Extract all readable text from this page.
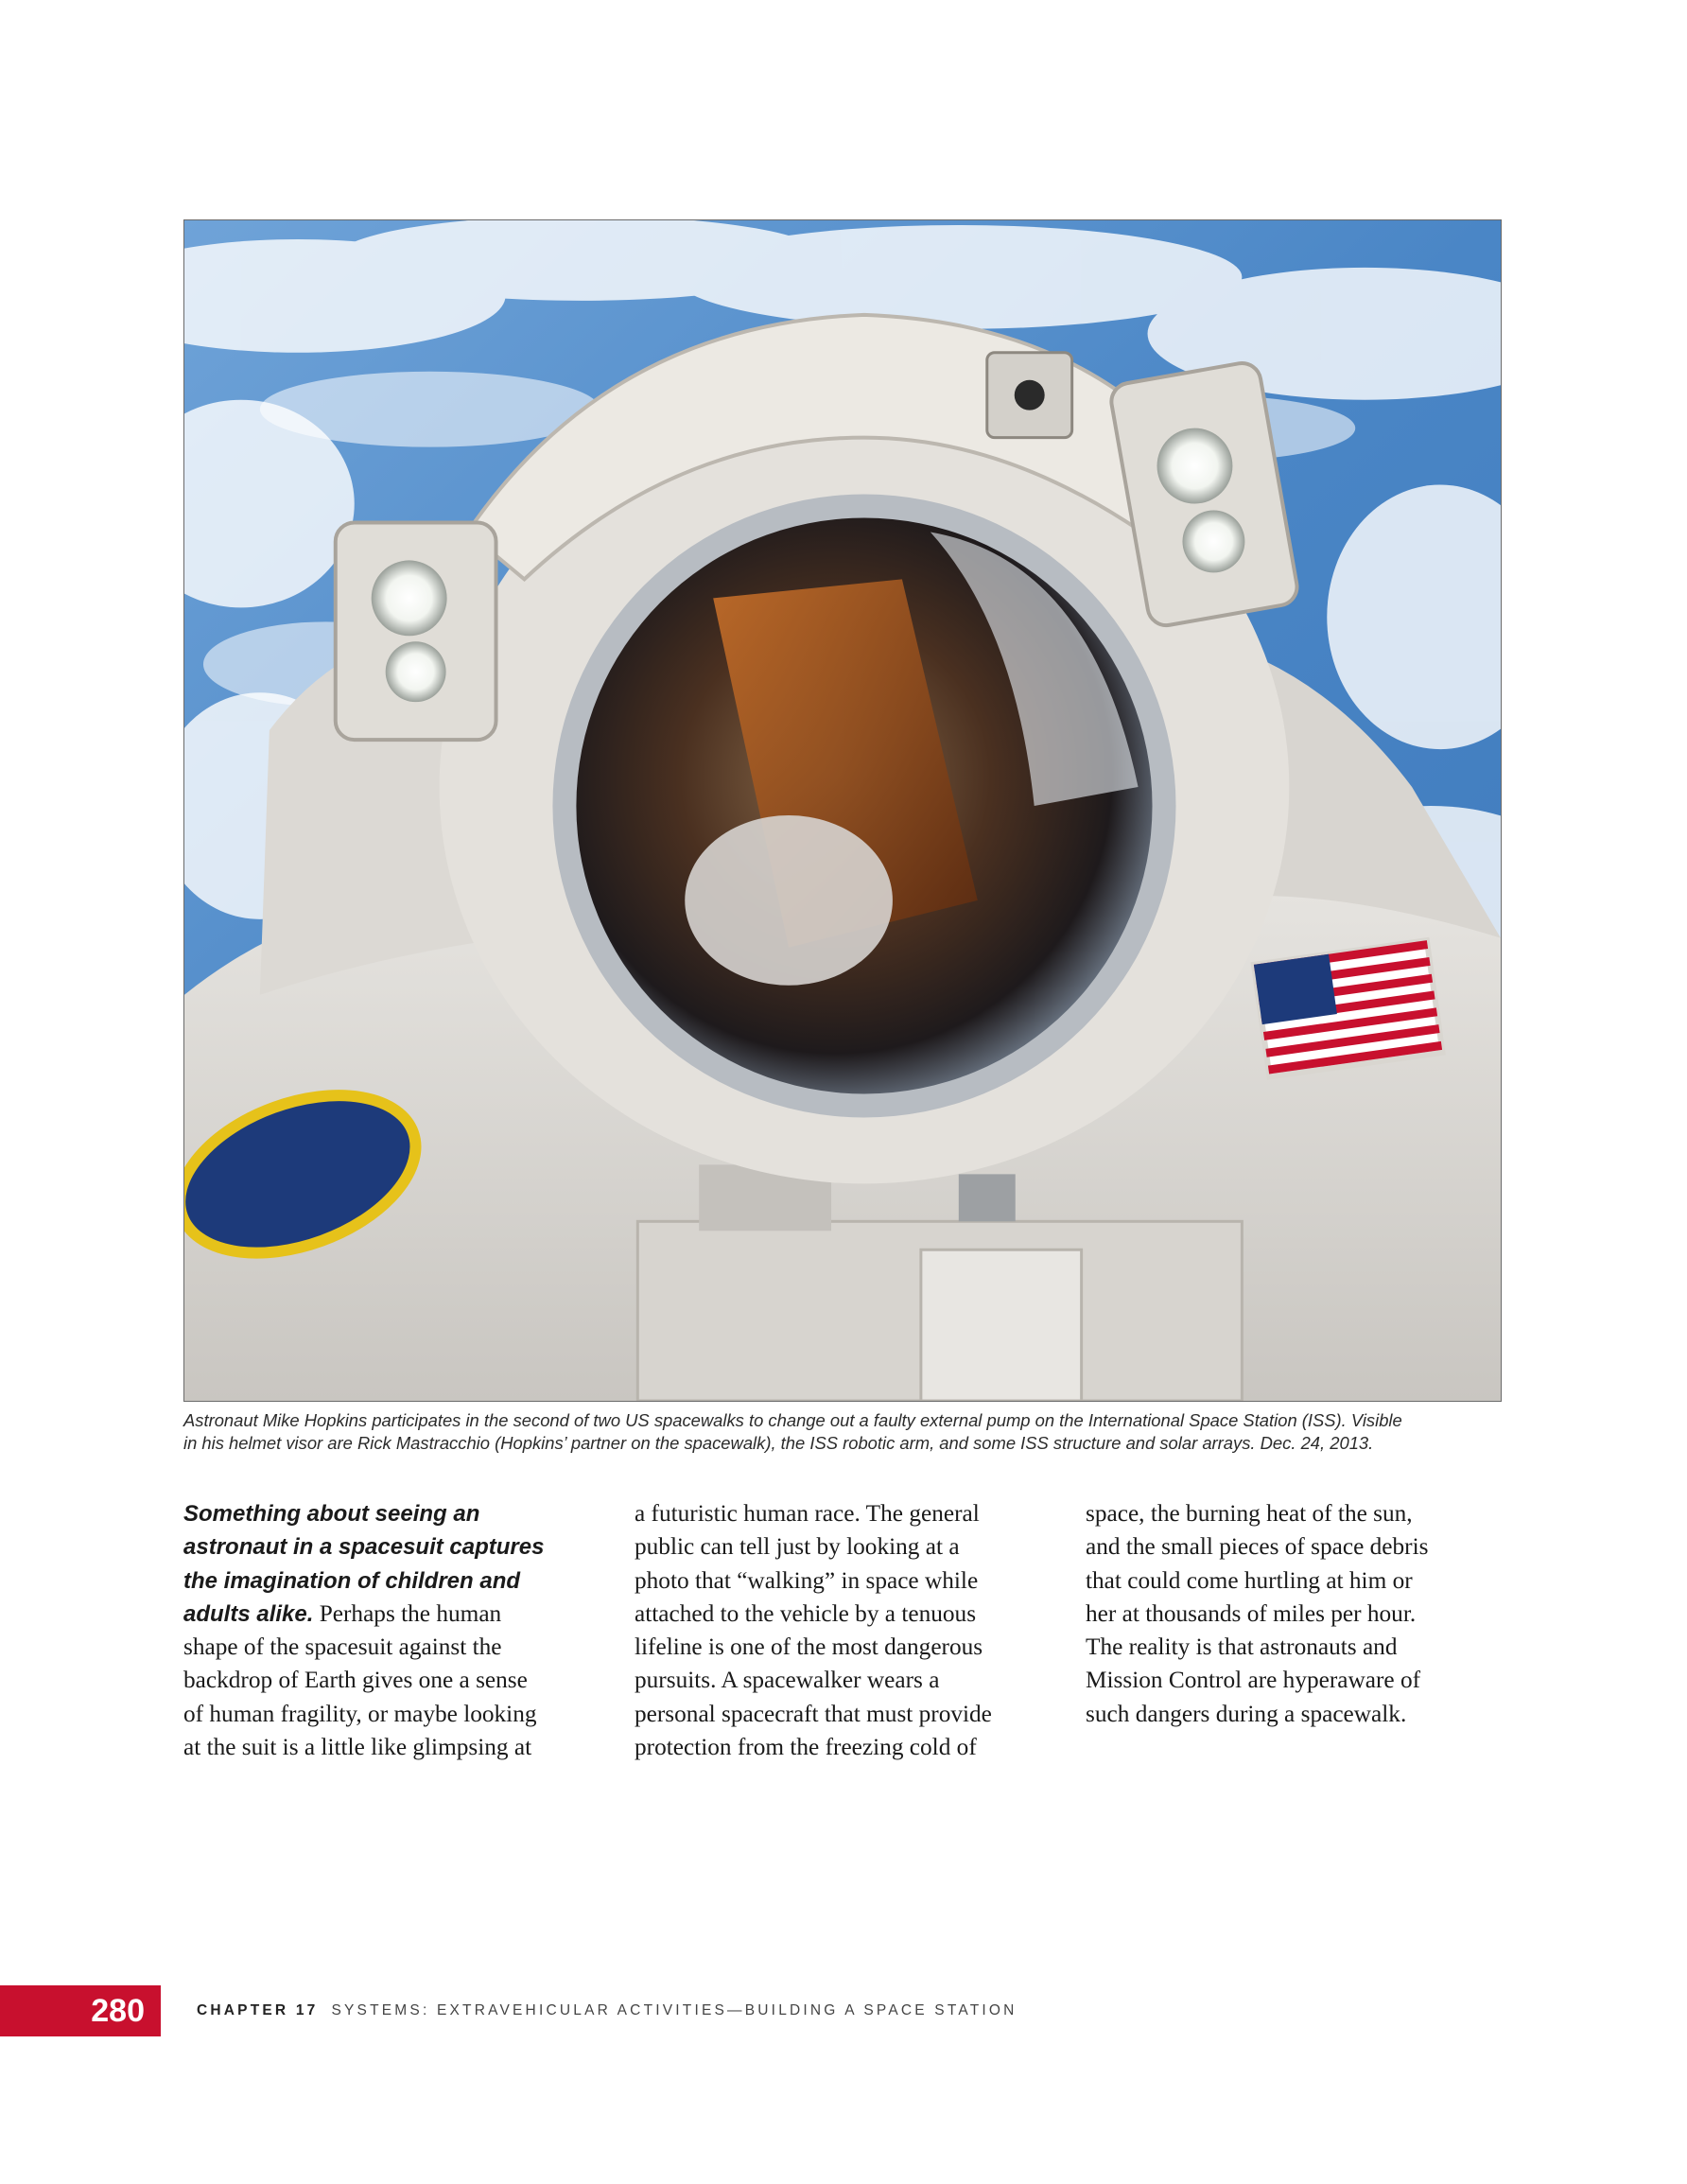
Astronaut Mike Hopkins participates in the second of two US spacewalks to change out a faulty external pump on the International Space Station (ISS). Visible
in his helmet visor are Rick Mastracchio (Hopkins’ partner on the spacewalk), the ISS robotic arm, and some ISS structure and solar arrays. Dec. 24, 2013.
Something about seeing an
astronaut in a spacesuit captures
the imagination of children and
adults alike. Perhaps the human
shape of the spacesuit against the
backdrop of Earth gives one a sense
of human fragility, or maybe looking
at the suit is a little like glimpsing at
a futuristic human race. The general
public can tell just by looking at a
photo that “walking” in space while
attached to the vehicle by a tenuous
lifeline is one of the most dangerous
pursuits. A spacewalker wears a
personal spacecraft that must provide
protection from the freezing cold of
space, the burning heat of the sun,
and the small pieces of space debris
that could come hurtling at him or
her at thousands of miles per hour.
The reality is that astronauts and
Mission Control are hyperaware of
such dangers during a spacewalk.
280	CHAPTER 17 SYSTEMS: EXTRAVEHICULAR ACTIVITIES—BUILDING A SPACE STATION
